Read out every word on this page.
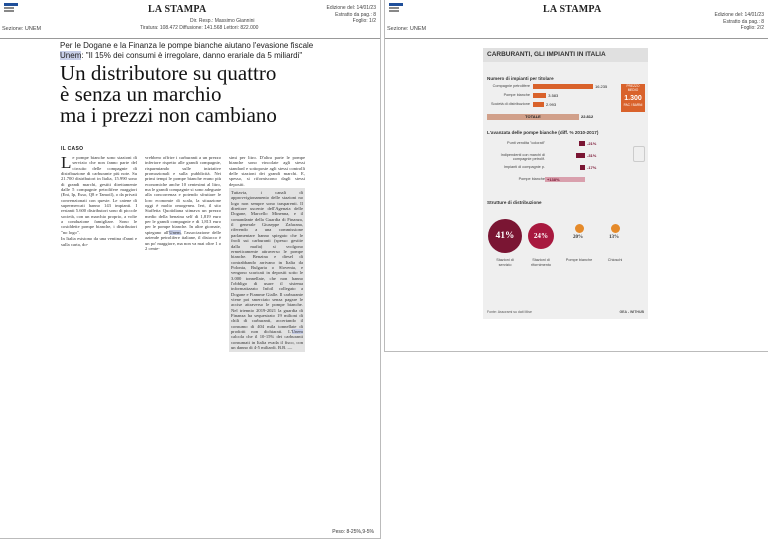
LA STAMPA
Dir. Resp.: Massimo Giannini
Tiratura: 108.472 Diffusione: 141.568 Lettori: 822.000
Sezione: UNEM
Edizione del: 14/01/23
Estratto da pag.: 8
Foglio: 1/2
Per le Dogane e la Finanza le pompe bianche aiutano l'evasione fiscale
Unem: "Il 15% dei consumi è irregolare, danno erariale da 5 miliardi"
Un distributore su quattro
è senza un marchio
ma i prezzi non cambiano
IL CASO

Le pompe bianche sono stazioni di servizio che non fanno parte del circuito delle compagnie di distribuzione di carburante più note. Su 21.700 distributori in Italia, 15.990 sono di grandi marchi, gestiti direttamente dalle 5 compagnie petrolifere maggiori (Eni, Ip, Esso, Q8 e Tamoil), o da privati convenzionati con queste. Le catene di supermercati hanno 143 impianti. I restanti 5.600 distributori sono di piccole società, con un marchio proprio, a volte a conduzione famigliare. Sono le cosiddette pompe bianche, i distributori "no logo".

In Italia esistono da una ventina d'anni e sulla carta, do-

vrebbero offrire i carburanti a un prezzo inferiore rispetto alle grandi compagnie, risparmiando sulle iniziative promozionali e sulla pubblicità. Nei primi tempi le pompe bianche erano più economiche anche 10 centesimi al litro, ma le grandi compagnie si sono adeguate alla concorrenza e potendo sfruttare le loro economie di scala, la situazione oggi è molto omogenea. Ieri, il sito Staffetta Quotidiana stimava un prezzo medio della benzina self di 1,819 euro per le grandi compagnie e di 1,813 euro per le pompe bianche. In altre giornate, spiegano all'Unem, l'associazione delle aziende petrolifere italiane, il distacco è un po' maggiore, ma non va mai oltre 1 o 2 cente-

simi per litro. D'altra parte le pompe bianche sono vincolate agli stessi standard e sottoposte agli stessi controlli delle stazioni dei grandi marchi. E, spesso, si riforniscono dagli stessi depositi.

Tuttavia, i canali di approvvigionamento delle stazioni no logo non sempre sono trasparenti. Il direttore uscente dell'Agenzia delle Dogane, Marcello Minenna, e il comandante della Guardia di Finanza, il generale Giuseppe Zafarana, riferendo a una commissione parlamentare hanno spiegato che le frodi sui carburanti (spesso gestite dalla mafia) si svolgono ermeticamente attraverso le pompe bianche. Benzina e diesel di contrabbando arrivano in Italia da Polonia, Bulgaria o Slovenia, e vengono scaricati in depositi sotto le 3.000 tonnellate, che non hanno l'obbligo di usare il sistema informatizzato Infoil collegato a Dogane e Fiamme Gialle. Il carburante viene poi smerciato senza pagare le accise attraverso le pompe bianche. Nel triennio 2019-2021 la guardia di Finanza ha sequestrato 19 milioni di chili di carburanti, accertando il consumo di 404 mila tonnellate di prodotti non dichiarati. L'Unem calcola che il 10-15% dei carburanti consumati in Italia evada il fisco, con un danno di 4-5 miliardi. B.B. —
Peso: 8-25%,9-5%
LA STAMPA
Sezione: UNEM
Edizione del: 14/01/23
Estratto da pag.: 8
Foglio: 2/2
CARBURANTI, GLI IMPIANTI IN ITALIA
Numero di impianti per titolare
Compagnie petrolifere	16.235
Pompe bianche	3.583
Società di distribuzione	2.993
TOTALE	22.812
PREZZO
MEDIO
1.300
PAC / BARNI
L'avanzata delle pompe bianche (diff. % 2010-2017)
Punti vendita "colorati"	-21%
Indipendenti con marchi di compagnie petrolif.
-31%
Impianti di compagnie p.	-17%
Pompe bianche +138%
Strutture di distribuzione
41%
Stazioni di servizio
24%
Stazioni di rifornimento
20%
Pompe bianche
13%
Chioschi
Fonte: Assorami su dati Mise	GEA - WITHUB
